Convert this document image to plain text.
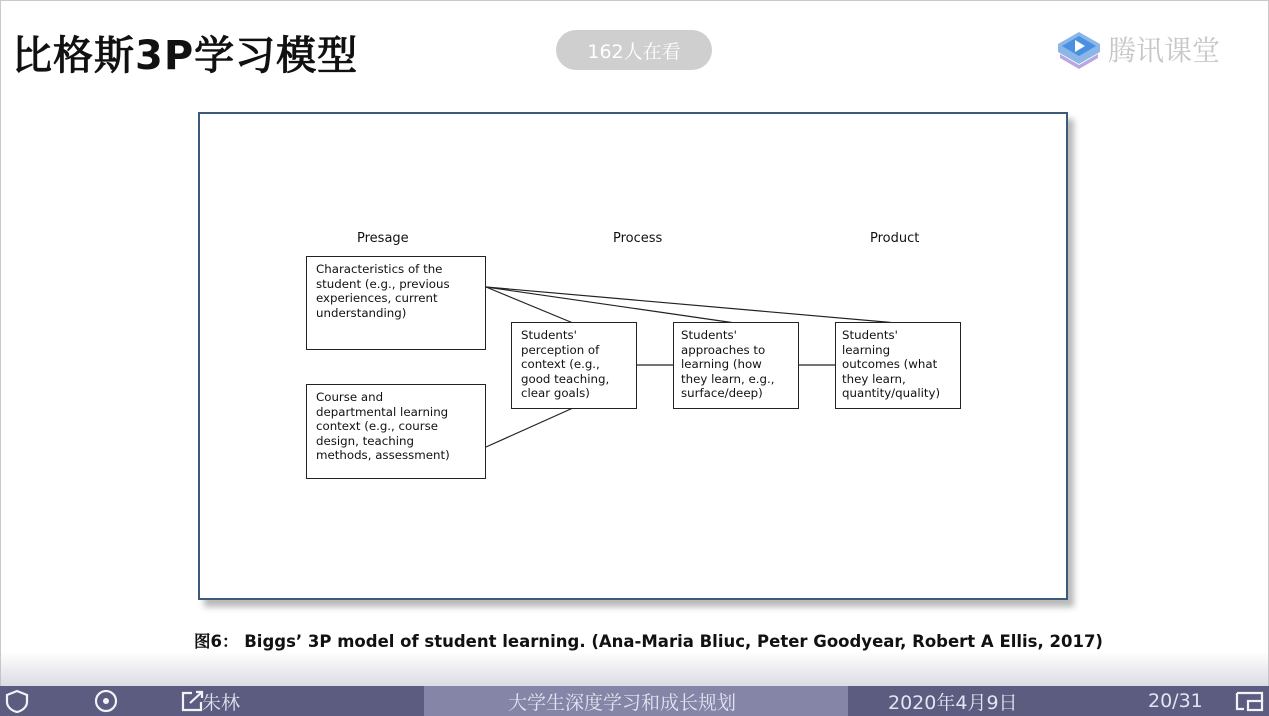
比格斯3P学习模型	162人在看	腾讯课堂
Presage	Process	Product
Characteristics of the
student (e.g., previous
experiences, current
understanding)
Course and
departmental learning
context (e.g., course
design, teaching
methods, assessment)
Students'
perception of
context (e.g.,
good teaching,
clear goals)
Students'
approaches to
learning (how
they learn, e.g.,
surface/deep)
Students'
learning
outcomes (what
they learn,
quantity/quality)
图6： Biggs’ 3P model of student learning. (Ana-Maria Bliuc, Peter Goodyear, Robert A Ellis, 2017)
朱林	大学生深度学习和成长规划	2020年4月9日	20/31
